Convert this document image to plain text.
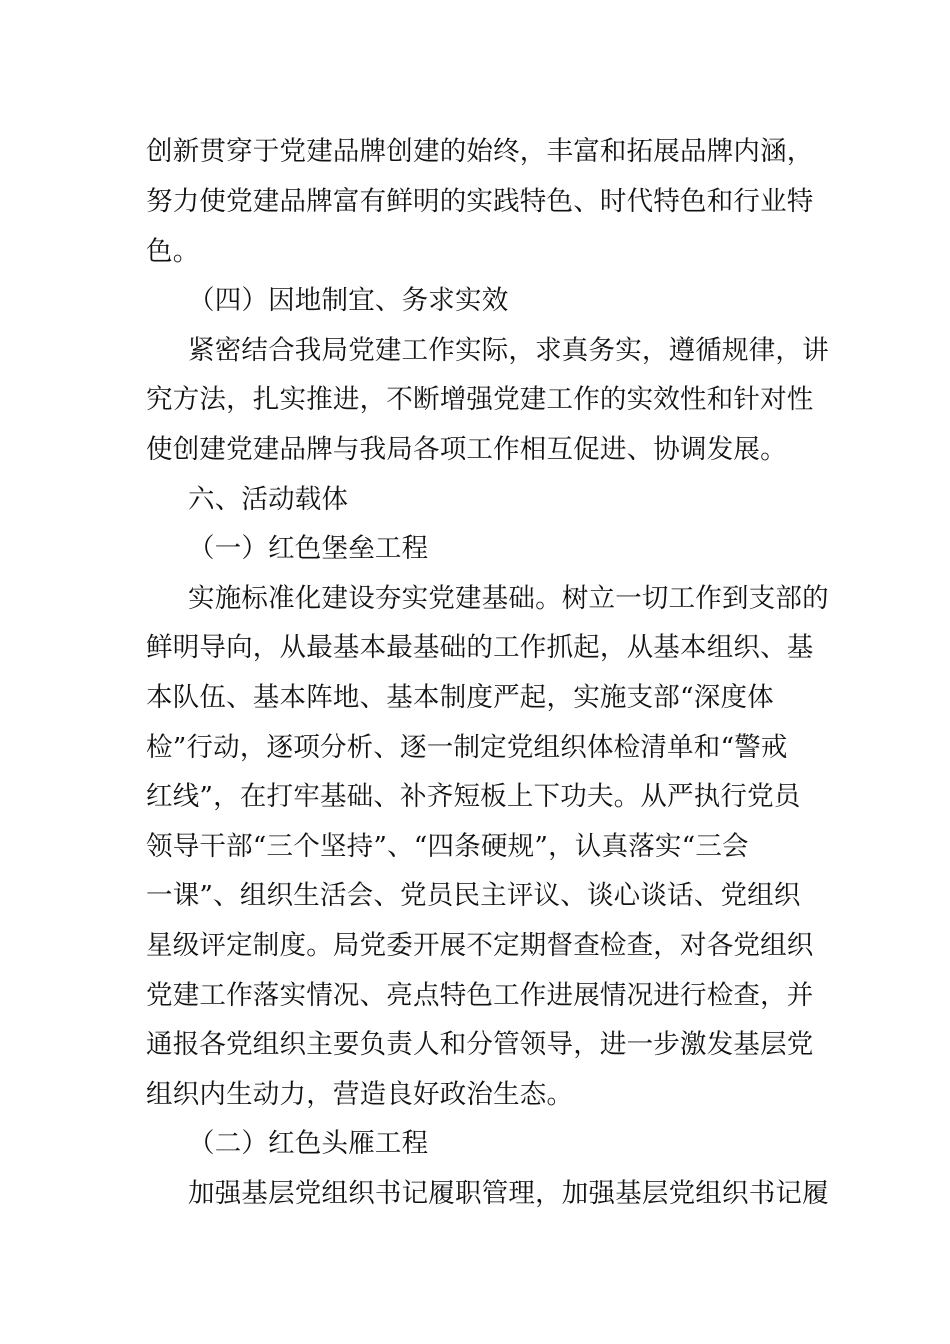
创新贯穿于党建品牌创建的始终，丰富和拓展品牌内涵，
努力使党建品牌富有鲜明的实践特色、时代特色和行业特
色。
（四）因地制宜、务求实效
紧密结合我局党建工作实际，求真务实，遵循规律，讲
究方法，扎实推进，不断增强党建工作的实效性和针对性
使创建党建品牌与我局各项工作相互促进、协调发展。
六、活动载体
（一）红色堡垒工程
实施标准化建设夯实党建基础。树立一切工作到支部的
鲜明导向，从最基本最基础的工作抓起，从基本组织、基
本队伍、基本阵地、基本制度严起，实施支部“深度体
检”行动，逐项分析、逐一制定党组织体检清单和“警戒
红线”，在打牢基础、补齐短板上下功夫。从严执行党员
领导干部“三个坚持”、“四条硬规”，认真落实“三会
一课”、组织生活会、党员民主评议、谈心谈话、党组织
星级评定制度。局党委开展不定期督查检查，对各党组织
党建工作落实情况、亮点特色工作进展情况进行检查，并
通报各党组织主要负责人和分管领导，进一步激发基层党
组织内生动力，营造良好政治生态。
（二）红色头雁工程
加强基层党组织书记履职管理，加强基层党组织书记履
